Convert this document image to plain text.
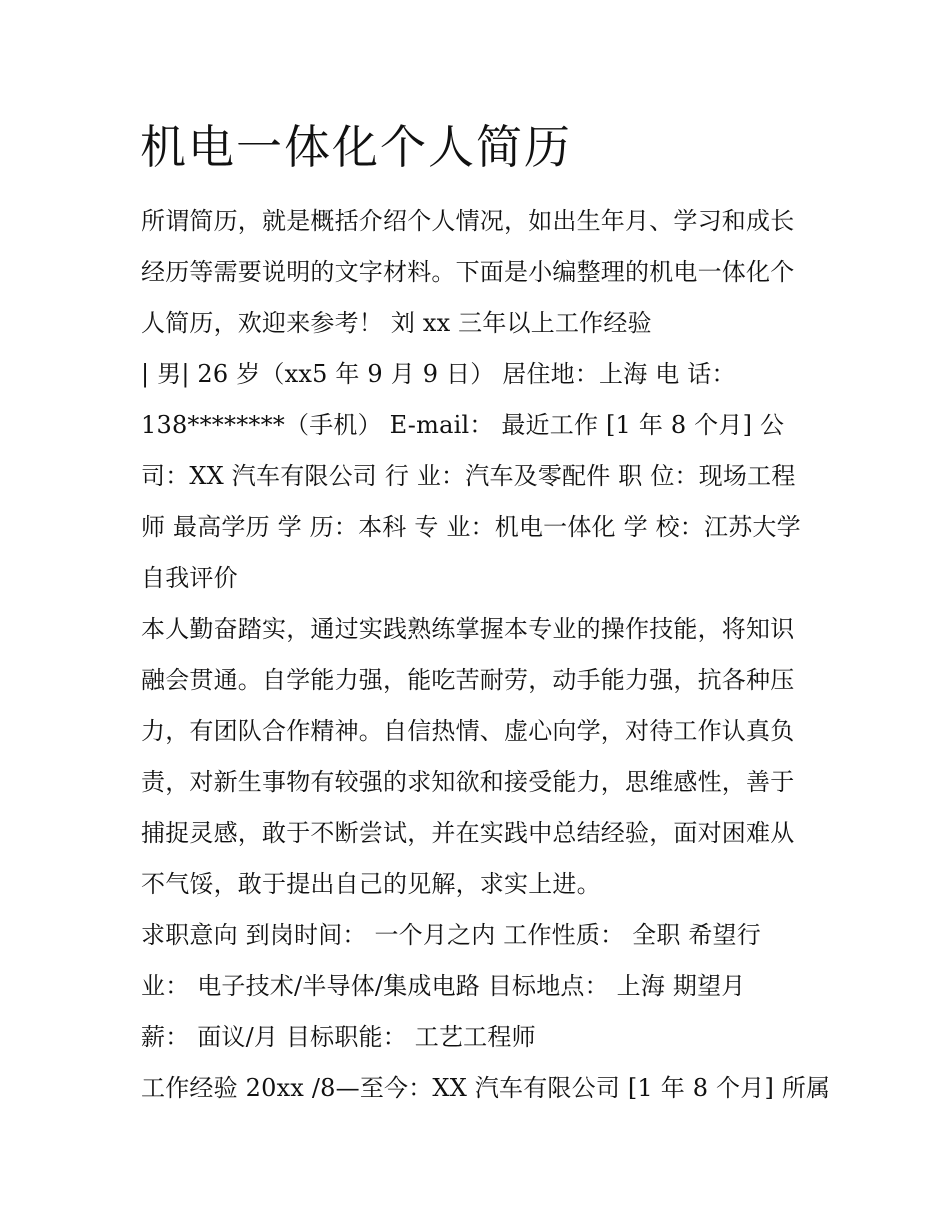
机电一体化个人简历

所谓简历，就是概括介绍个人情况，如出生年月、学习和成长

经历等需要说明的文字材料。下面是小编整理的机电一体化个

人简历，欢迎来参考！ 刘 xx 三年以上工作经验

| 男| 26 岁（xx5 年 9 月 9 日） 居住地：上海 电 话：

138********（手机） E-mail： 最近工作 [1 年 8 个月] 公

司：XX 汽车有限公司 行 业：汽车及零配件 职 位：现场工程

师 最高学历 学 历：本科 专 业：机电一体化 学 校：江苏大学

自我评价

本人勤奋踏实，通过实践熟练掌握本专业的操作技能，将知识

融会贯通。自学能力强，能吃苦耐劳，动手能力强，抗各种压

力，有团队合作精神。自信热情、虚心向学，对待工作认真负

责，对新生事物有较强的求知欲和接受能力，思维感性，善于

捕捉灵感，敢于不断尝试，并在实践中总结经验，面对困难从

不气馁，敢于提出自己的见解，求实上进。

求职意向 到岗时间： 一个月之内 工作性质： 全职 希望行

业： 电子技术/半导体/集成电路 目标地点： 上海 期望月

薪： 面议/月 目标职能： 工艺工程师

工作经验 20xx /8—至今：XX 汽车有限公司 [1 年 8 个月] 所属
